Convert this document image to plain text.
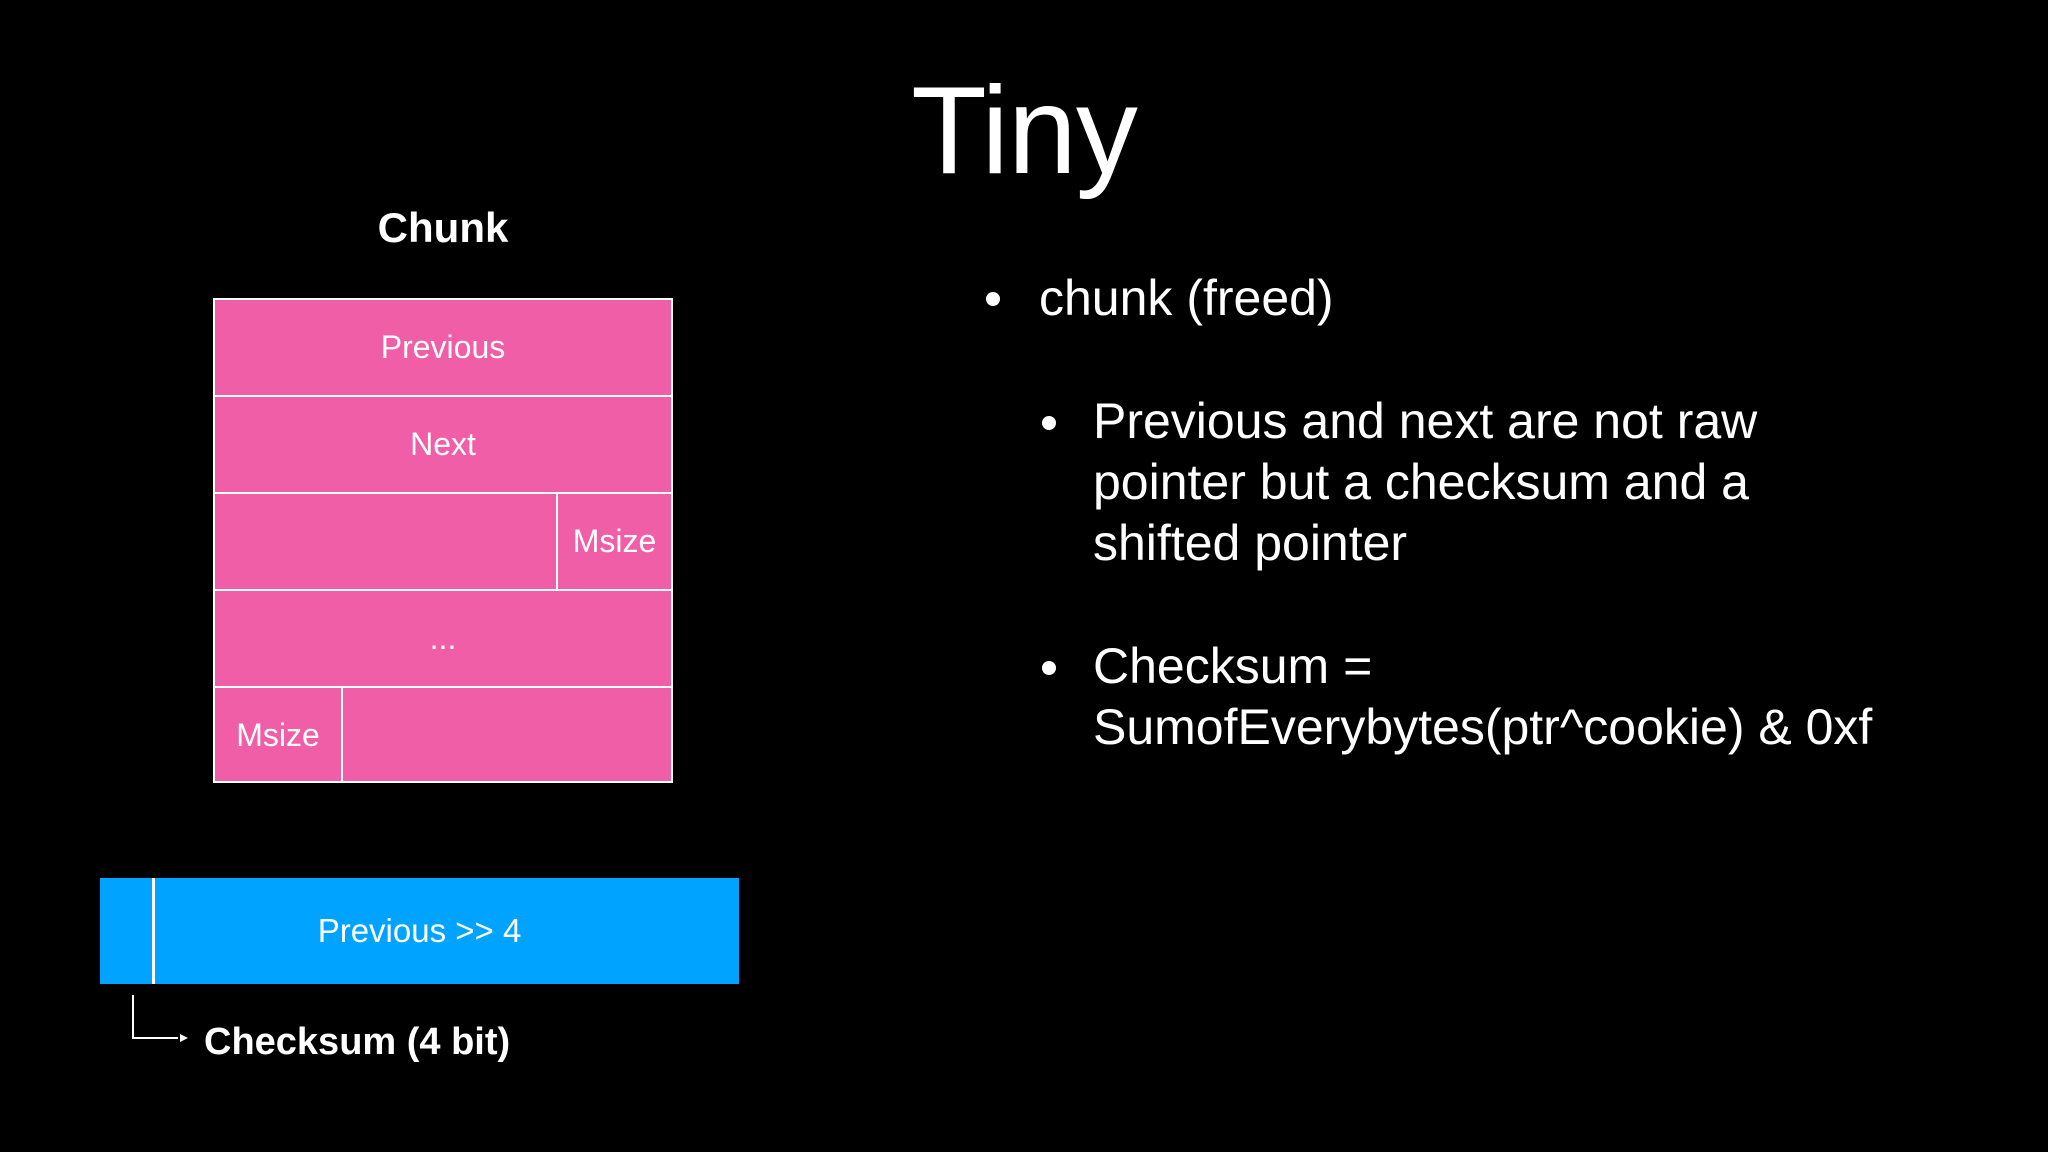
Tiny
Chunk
Previous
Next
Msize
...
Msize
Previous >> 4
Checksum (4 bit)
chunk (freed)
Previous and next are not raw
pointer but a checksum and a
shifted pointer
Checksum =
SumofEverybytes(ptr^cookie) & 0xf
